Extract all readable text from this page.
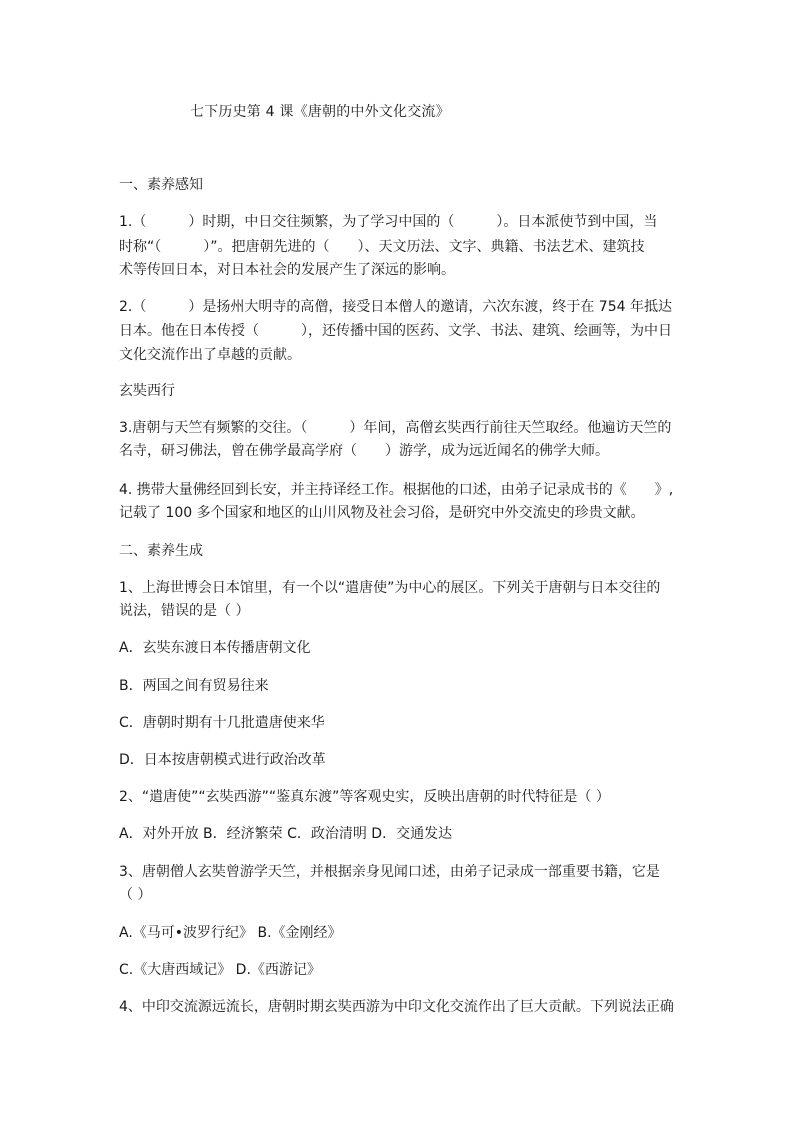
七下历史第 4 课《唐朝的中外文化交流》
一、素养感知
1.（　　　）时期，中日交往频繁，为了学习中国的（　　　）。日本派使节到中国，当
时称“（　　　）”。把唐朝先进的（　　）、天文历法、文字、典籍、书法艺术、建筑技
术等传回日本，对日本社会的发展产生了深远的影响。
2.（　　　）是扬州大明寺的高僧，接受日本僧人的邀请，六次东渡，终于在 754 年抵达
日本。他在日本传授（　　　），还传播中国的医药、文学、书法、建筑、绘画等，为中日
文化交流作出了卓越的贡献。
玄奘西行
3.唐朝与天竺有频繁的交往。（　　　）年间，高僧玄奘西行前往天竺取经。他遍访天竺的
名寺，研习佛法，曾在佛学最高学府（　　）游学，成为远近闻名的佛学大师。
4. 携带大量佛经回到长安，并主持译经工作。根据他的口述，由弟子记录成书的《　　》,
记载了 100 多个国家和地区的山川风物及社会习俗，是研究中外交流史的珍贵文献。
二、素养生成
1、上海世博会日本馆里，有一个以“遣唐使”为中心的展区。下列关于唐朝与日本交往的
说法，错误的是（ ）
A．玄奘东渡日本传播唐朝文化
B．两国之间有贸易往来
C．唐朝时期有十几批遣唐使来华
D．日本按唐朝模式进行政治改革
2、“遣唐使”“玄奘西游”“鉴真东渡”等客观史实，反映出唐朝的时代特征是（ ）
A．对外开放 B．经济繁荣 C．政治清明 D．交通发达
3、唐朝僧人玄奘曾游学天竺，并根据亲身见闻口述，由弟子记录成一部重要书籍，它是
（ ）
A.《马可•波罗行纪》 B.《金刚经》
C.《大唐西域记》 D.《西游记》
4、中印交流源远流长，唐朝时期玄奘西游为中印文化交流作出了巨大贡献。下列说法正确
